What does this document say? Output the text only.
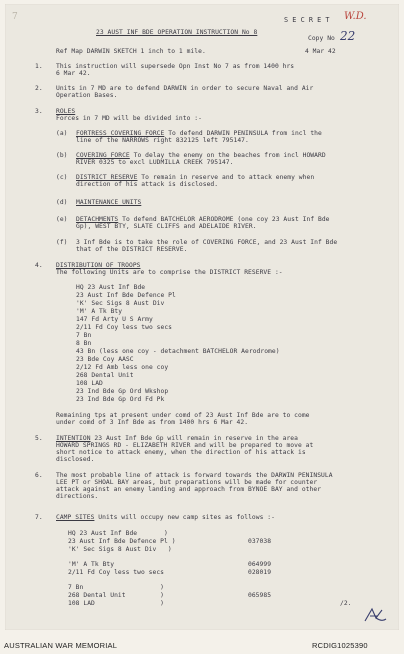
7
23 AUST INF BDE OPERATION INSTRUCTION No 8
S E C R E T W.D.
Copy No 22
Ref Map DARWIN SKETCH 1 inch to 1 mile.	4 Mar 42
1. This instruction will supersede Opn Inst No 7 as from 1400 hrs
6 Mar 42.
2. Units in 7 MD are to defend DARWIN in order to secure Naval and Air
Operation Bases.
3. ROLES
Forces in 7 MD will be divided into :-
(a) FORTRESS COVERING FORCE To defend DARWIN PENINSULA from incl the
line of the NARROWS right 832125 left 795147.
(b) COVERING FORCE To delay the enemy on the beaches from incl HOWARD
RIVER 0325 to excl LUDMILLA CREEK 795147.
(c) DISTRICT RESERVE To remain in reserve and to attack enemy when
direction of his attack is disclosed.
(d) MAINTENANCE UNITS
(e) DETACHMENTS To defend BATCHELOR AERODROME (one coy 23 Aust Inf Bde
Gp), WEST BTY, SLATE CLIFFS and ADELAIDE RIVER.
(f) 3 Inf Bde is to take the role of COVERING FORCE, and 23 Aust Inf Bde
that of the DISTRICT RESERVE.
4. DISTRIBUTION OF TROOPS
The following Units are to comprise the DISTRICT RESERVE :-
HQ 23 Aust Inf Bde
23 Aust Inf Bde Defence Pl
'K' Sec Sigs 8 Aust Div
'M' A Tk Bty
147 Fd Arty U S Army
2/11 Fd Coy less two secs
7 Bn
8 Bn
43 Bn (less one coy - detachment BATCHELOR Aerodrome)
23 Bde Coy AASC
2/12 Fd Amb less one coy
268 Dental Unit
108 LAD
23 Ind Bde Gp Ord Wkshop
23 Ind Bde Gp Ord Fd Pk
Remaining tps at present under comd of 23 Aust Inf Bde are to come
under comd of 3 Inf Bde as from 1400 hrs 6 Mar 42.
5. INTENTION 23 Aust Inf Bde Gp will remain in reserve in the area
HOWARD SPRINGS RD - ELIZABETH RIVER and will be prepared to move at
short notice to attack enemy, when the direction of his attack is
disclosed.
6. The most probable line of attack is forward towards the DARWIN PENINSULA
LEE PT or SHOAL BAY areas, but preparations will be made for counter
attack against an enemy landing and approach from BYNOE BAY and other
directions.
7. CAMP SITES Units will occupy new camp sites as follows :-
HQ 23 Aust Inf Bde       )
23 Aust Inf Bde Defence Pl )	037038
'K' Sec Sigs 8 Aust Div   )
'M' A Tk Bty	064999
2/11 Fd Coy less two secs	028019
7 Bn                    )
268 Dental Unit         )	065985
108 LAD                 )	/2.
AUSTRALIAN WAR MEMORIAL	RCDIG1025390
